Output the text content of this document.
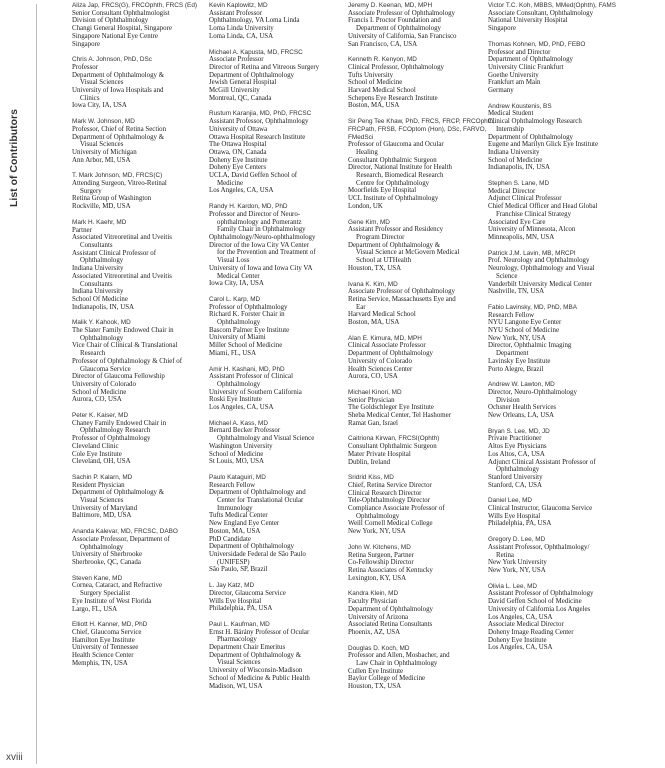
List of Contributors
Aliza Jap, FRCS(G), FRCOphth, FRCS (Ed)
Senior Consultant Ophthalmologist
Division of Ophthalmology
Changi General Hospital, Singapore
Singapore National Eye Centre
Singapore
Chris A. Johnson, PhD, DSc
Professor
Department of Ophthalmology &
Visual Sciences
University of Iowa Hospitals and
Clinics
Iowa City, IA, USA
Mark W. Johnson, MD
Professor, Chief of Retina Section
Department of Ophthalmology &
Visual Sciences
University of Michigan
Ann Arbor, MI, USA
T. Mark Johnson, MD, FRCS(C)
Attending Surgeon, Vitreo-Retinal
Surgery
Retina Group of Washington
Rockville, MD, USA
Mark H. Kaehr, MD
Partner
Associated Vitreoretinal and Uveitis
Consultants
Assistant Clinical Professor of
Ophthalmology
Indiana University
Associated Vitreoretinal and Uveitis
Consultants
Indiana University
School Of Medicine
Indianapolis, IN, USA
Malik Y. Kahook, MD
The Slater Family Endowed Chair in
Ophthalmology
Vice Chair of Clinical & Translational
Research
Professor of Ophthalmology & Chief of
Glaucoma Service
Director of Glaucoma Fellowship
University of Colorado
School of Medicine
Aurora, CO, USA
Peter K. Kaiser, MD
Chaney Family Endowed Chair in
Ophthalmology Research
Professor of Ophthalmology
Cleveland Clinic
Cole Eye Institute
Cleveland, OH, USA
Sachin P. Kalarn, MD
Resident Physician
Department of Ophthalmology &
Visual Sciences
University of Maryland
Baltimore, MD, USA
Ananda Kalevar, MD, FRCSC, DABO
Associate Professor, Department of
Ophthalmology
University of Sherbrooke
Sherbrooke, QC, Canada
Steven Kane, MD
Cornea, Cataract, and Refractive
Surgery Specialist
Eye Institute of West Florida
Largo, FL, USA
Elliott H. Kanner, MD, PhD
Chief, Glaucoma Service
Hamilton Eye Institute
University of Tennessee
Health Science Center
Memphis, TN, USA
Kevin Kaplowitz, MD
Assistant Professor
Ophthalmology, VA Loma Linda
Loma Linda University
Loma Linda, CA, USA
Michael A. Kapusta, MD, FRCSC
Associate Professor
Director of Retina and Vitreous Surgery
Department of Ophthalmology
Jewish General Hospital
McGill University
Montreal, QC, Canada
Rustum Karanjia, MD, PhD, FRCSC
Assistant Professor, Ophthalmology
University of Ottawa
Ottawa Hospital Research Institute
The Ottawa Hospital
Ottawa, ON, Canada
Doheny Eye Institute
Doheny Eye Centers
UCLA, David Geffen School of
Medicine
Los Angeles, CA, USA
Randy H. Kardon, MD, PhD
Professor and Director of Neuro-
ophthalmology and Pomerantz
Family Chair in Ophthalmology
Ophthalmology/Neuro-ophthalmology
Director of the Iowa City VA Center
for the Prevention and Treatment of
Visual Loss
University of Iowa and Iowa City VA
Medical Center
Iowa City, IA, USA
Carol L. Karp, MD
Professor of Ophthalmology
Richard K. Forster Chair in
Ophthalmology
Bascom Palmer Eye Institute
University of Miami
Miller School of Medicine
Miami, FL, USA
Amir H. Kashani, MD, PhD
Assistant Professor of Clinical
Ophthalmology
University of Southern California
Roski Eye Institute
Los Angeles, CA, USA
Michael A. Kass, MD
Bernard Becker Professor
Ophthalmology and Visual Science
Washington University
School of Medicine
St Louis, MO, USA
Paulo Kataguiri, MD
Research Fellow
Department of Ophthalmology and
Center for Translational Ocular
Immunology
Tufts Medical Center
New England Eye Center
Boston, MA, USA
PhD Candidate
Department of Ophthalmology
Universidade Federal de São Paulo
(UNIFESP)
São Paulo, SP, Brazil
L. Jay Katz, MD
Director, Glaucoma Service
Wills Eye Hospital
Philadelphia, PA, USA
Paul L. Kaufman, MD
Ernst H. Bárány Professor of Ocular
Pharmacology
Department Chair Emeritus
Department of Ophthalmology &
Visual Sciences
University of Wisconsin-Madison
School of Medicine & Public Health
Madison, WI, USA
Jeremy D. Keenan, MD, MPH
Associate Professor of Ophthalmology
Francis I. Proctor Foundation and
Department of Ophthalmology
University of California, San Francisco
San Francisco, CA, USA
Kenneth R. Kenyon, MD
Clinical Professor, Ophthalmology
Tufts University
School of Medicine
Harvard Medical School
Schepens Eye Research Institute
Boston, MA, USA
Sir Peng Tee Khaw, PhD, FRCS, FRCP, FRCOphth, FRCPath, FRSB, FCOptom (Hon), DSc, FARVO, FMedSci
Professor of Glaucoma and Ocular
Healing
Consultant Ophthalmic Surgeon
Director, National Institute for Health
Research, Biomedical Research
Centre for Ophthalmology
Moorfields Eye Hospital
UCL Institute of Ophthalmology
London, UK
Gene Kim, MD
Assistant Professor and Residency
Program Director
Department of Ophthalmology &
Visual Science at McGovern Medical
School at UTHealth
Houston, TX, USA
Ivana K. Kim, MD
Associate Professor of Ophthalmology
Retina Service, Massachusetts Eye and
Ear
Harvard Medical School
Boston, MA, USA
Alan E. Kimura, MD, MPH
Clinical Associate Professor
Department of Ophthalmology
University of Colorado
Health Sciences Center
Aurora, CO, USA
Michael Kinori, MD
Senior Physician
The Goldschleger Eye Institute
Sheba Medical Center, Tel Hashomer
Ramat Gan, Israel
Caitriona Kirwan, FRCSI(Ophth)
Consultant Ophthalmic Surgeon
Mater Private Hospital
Dublin, Ireland
Sridrid Kiss, MD
Chief, Retina Service Director
Clinical Research Director
Tele-Ophthalmology Director
Compliance Associate Professor of
Ophthalmology
Weill Cornell Medical College
New York, NY, USA
John W. Kitchens, MD
Retina Surgeon, Partner
Co-Fellowship Director
Retina Associates of Kentucky
Lexington, KY, USA
Kandra Klein, MD
Faculty Physician
Department of Ophthalmology
University of Arizona
Associated Retina Consultants
Phoenix, AZ, USA
Douglas D. Koch, MD
Professor and Allen, Mosbacher, and
Law Chair in Ophthalmology
Cullen Eye Institute
Baylor College of Medicine
Houston, TX, USA
Victor T.C. Koh, MBBS, MMed(Ophth), FAMS
Associate Consultant, Ophthalmology
National University Hospital
Singapore
Thomas Kohnen, MD, PhD, FEBO
Professor and Director
Department of Ophthalmology
University Clinic Frankfurt
Goethe University
Frankfurt am Main
Germany
Andrew Koustenis, BS
Medical Student
Clinical Ophthalmology Research
Internship
Department of Ophthalmology
Eugene and Marilyn Glick Eye Institute
Indiana University
School of Medicine
Indianapolis, IN, USA
Stephen S. Lane, MD
Medical Director
Adjunct Clinical Professor
Chief Medical Officer and Head Global
Franchise Clinical Strategy
Associated Eye Care
University of Minnesota, Alcon
Minneapolis, MN, USA
Patrick J.M. Lavin, MB, MRCPI
Prof. Neurology and Ophthalmology
Neurology, Ophthalmology and Visual
Science
Vanderbilt University Medical Center
Nashville, TN, USA
Fabio Lavinsky, MD, PhD, MBA
Research Fellow
NYU Langone Eye Center
NYU School of Medicine
New York, NY, USA
Director, Ophthalmic Imaging
Department
Lavinsky Eye Institute
Porto Alegre, Brazil
Andrew W. Lawton, MD
Director, Neuro-Ophthalmology
Division
Ochsner Health Services
New Orleans, LA, USA
Bryan S. Lee, MD, JD
Private Practitioner
Altos Eye Physicians
Los Altos, CA, USA
Adjunct Clinical Assistant Professor of
Ophthalmology
Stanford University
Stanford, CA, USA
Daniel Lee, MD
Clinical Instructor, Glaucoma Service
Wills Eye Hospital
Philadelphia, PA, USA
Gregory D. Lee, MD
Assistant Professor, Ophthalmology/
Retina
New York University
New York, NY, USA
Olivia L. Lee, MD
Assistant Professor of Ophthalmology
David Geffen School of Medicine
University of California Los Angeles
Los Angeles, CA, USA
Associate Medical Director
Doheny Image Reading Center
Doheny Eye Institute
Los Angeles, CA, USA
xviii
